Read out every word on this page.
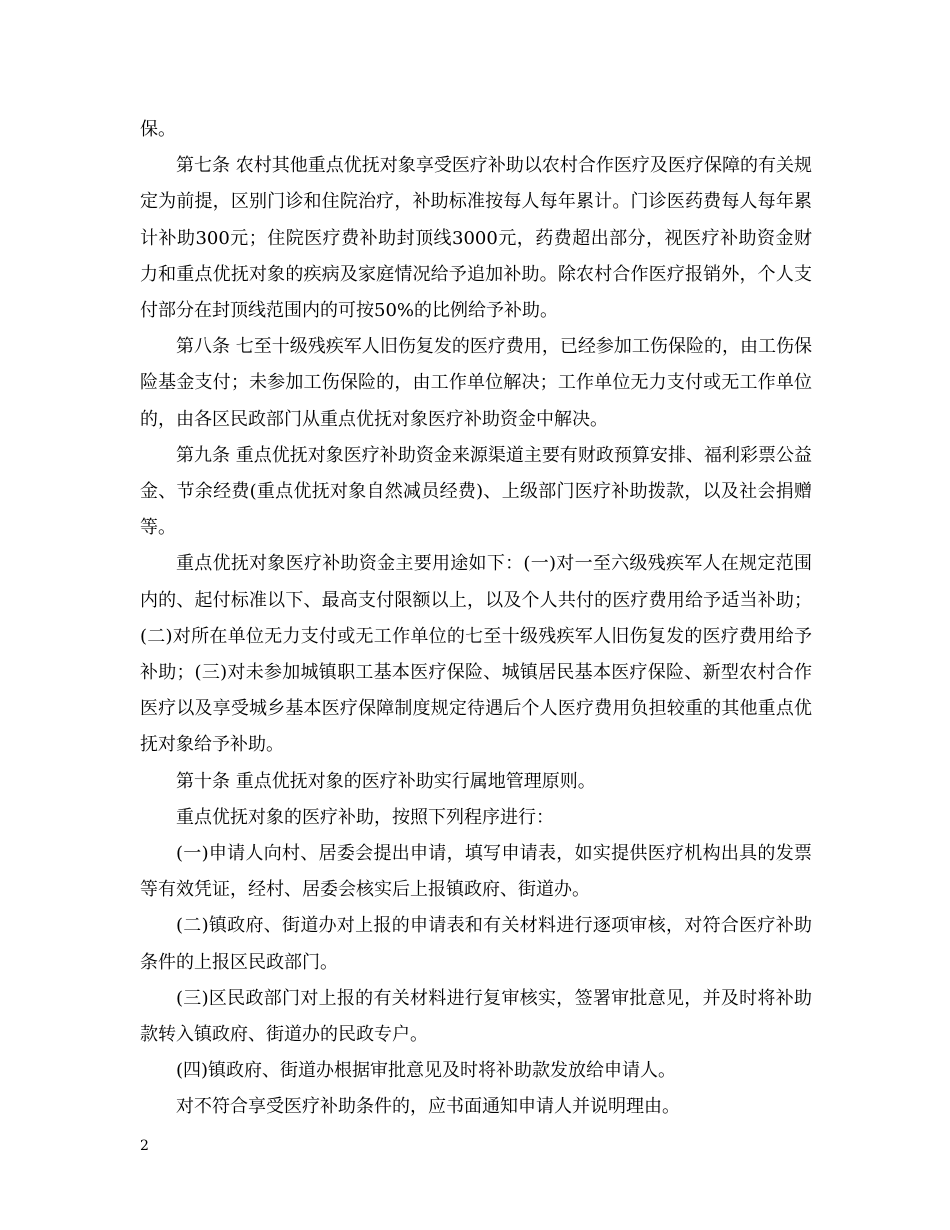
保。

第七条 农村其他重点优抚对象享受医疗补助以农村合作医疗及医疗保障的有关规定为前提，区别门诊和住院治疗，补助标准按每人每年累计。门诊医药费每人每年累计补助300元；住院医疗费补助封顶线3000元，药费超出部分，视医疗补助资金财力和重点优抚对象的疾病及家庭情况给予追加补助。除农村合作医疗报销外，个人支付部分在封顶线范围内的可按50%的比例给予补助。

第八条 七至十级残疾军人旧伤复发的医疗费用，已经参加工伤保险的，由工伤保险基金支付；未参加工伤保险的，由工作单位解决；工作单位无力支付或无工作单位的，由各区民政部门从重点优抚对象医疗补助资金中解决。

第九条 重点优抚对象医疗补助资金来源渠道主要有财政预算安排、福利彩票公益金、节余经费(重点优抚对象自然减员经费)、上级部门医疗补助拨款，以及社会捐赠等。

重点优抚对象医疗补助资金主要用途如下：(一)对一至六级残疾军人在规定范围内的、起付标准以下、最高支付限额以上，以及个人共付的医疗费用给予适当补助；(二)对所在单位无力支付或无工作单位的七至十级残疾军人旧伤复发的医疗费用给予补助；(三)对未参加城镇职工基本医疗保险、城镇居民基本医疗保险、新型农村合作医疗以及享受城乡基本医疗保障制度规定待遇后个人医疗费用负担较重的其他重点优抚对象给予补助。

第十条 重点优抚对象的医疗补助实行属地管理原则。

重点优抚对象的医疗补助，按照下列程序进行：

(一)申请人向村、居委会提出申请，填写申请表，如实提供医疗机构出具的发票等有效凭证，经村、居委会核实后上报镇政府、街道办。

(二)镇政府、街道办对上报的申请表和有关材料进行逐项审核，对符合医疗补助条件的上报区民政部门。

(三)区民政部门对上报的有关材料进行复审核实，签署审批意见，并及时将补助款转入镇政府、街道办的民政专户。

(四)镇政府、街道办根据审批意见及时将补助款发放给申请人。

对不符合享受医疗补助条件的，应书面通知申请人并说明理由。

2
